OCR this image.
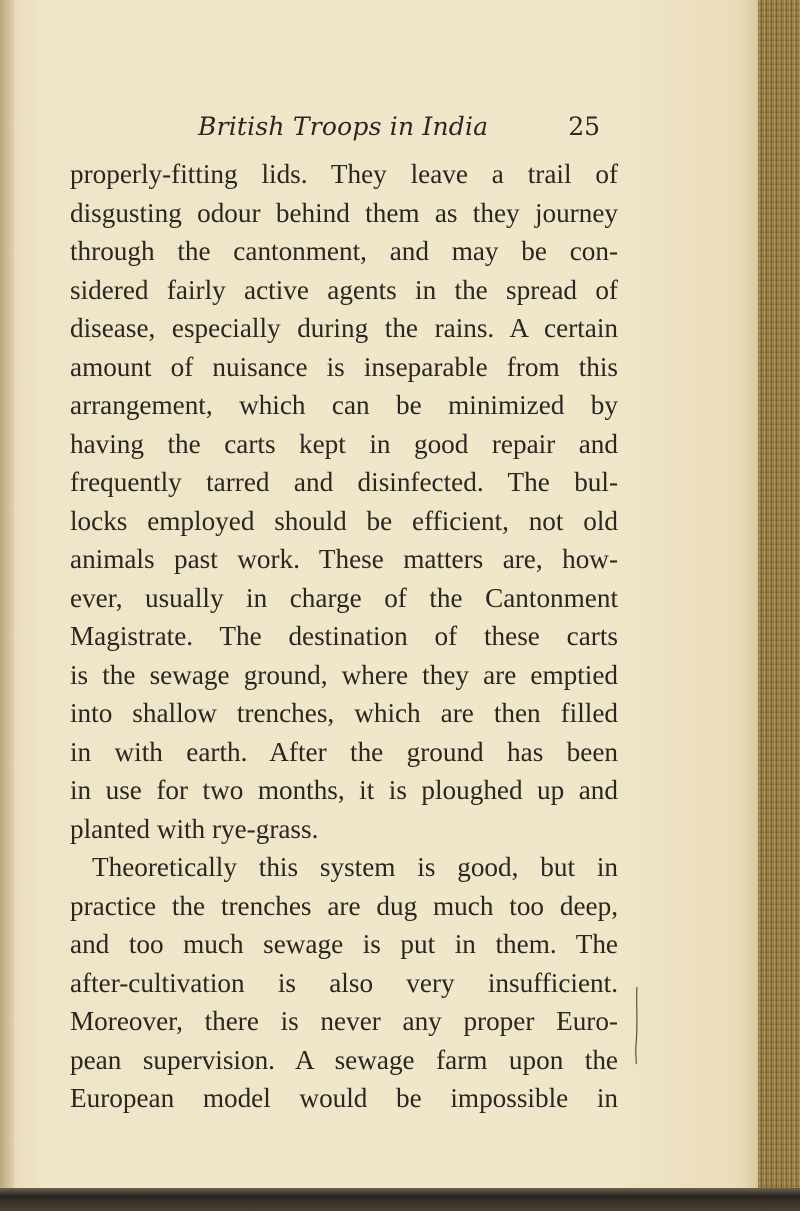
British Troops in India	25
properly-fitting lids. They leave a trail of
disgusting odour behind them as they journey
through the cantonment, and may be con-
sidered fairly active agents in the spread of
disease, especially during the rains. A certain
amount of nuisance is inseparable from this
arrangement, which can be minimized by
having the carts kept in good repair and
frequently tarred and disinfected. The bul-
locks employed should be efficient, not old
animals past work. These matters are, how-
ever, usually in charge of the Cantonment
Magistrate. The destination of these carts
is the sewage ground, where they are emptied
into shallow trenches, which are then filled
in with earth. After the ground has been
in use for two months, it is ploughed up and
planted with rye-grass.
Theoretically this system is good, but in
practice the trenches are dug much too deep,
and too much sewage is put in them. The
after-cultivation is also very insufficient.
Moreover, there is never any proper Euro-
pean supervision. A sewage farm upon the
European model would be impossible in
